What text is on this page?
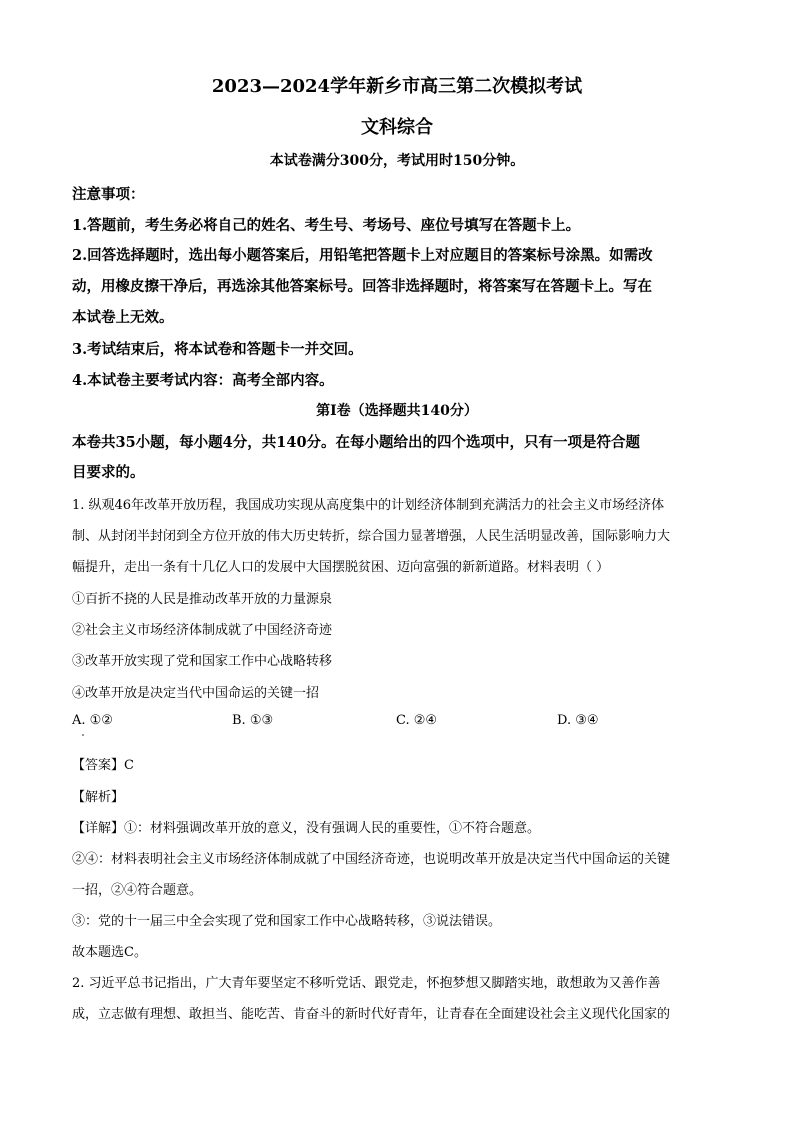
2023—2024学年新乡市高三第二次模拟考试
文科综合
本试卷满分300分，考试用时150分钟。
注意事项：
1.答题前，考生务必将自己的姓名、考生号、考场号、座位号填写在答题卡上。
2.回答选择题时，选出每小题答案后，用铅笔把答题卡上对应题目的答案标号涂黑。如需改
动，用橡皮擦干净后，再选涂其他答案标号。回答非选择题时，将答案写在答题卡上。写在
本试卷上无效。
3.考试结束后，将本试卷和答题卡一并交回。
4.本试卷主要考试内容：高考全部内容。
第Ⅰ卷（选择题共140分）
本卷共35小题，每小题4分，共140分。在每小题给出的四个选项中，只有一项是符合题
目要求的。
1. 纵观46年改革开放历程，我国成功实现从高度集中的计划经济体制到充满活力的社会主义市场经济体
制、从封闭半封闭到全方位开放的伟大历史转折，综合国力显著增强，人民生活明显改善，国际影响力大
幅提升，走出一条有十几亿人口的发展中大国摆脱贫困、迈向富强的新新道路。材料表明（ ）
①百折不挠的人民是推动改革开放的力量源泉
②社会主义市场经济体制成就了中国经济奇迹
③改革开放实现了党和国家工作中心战略转移
④改革开放是决定当代中国命运的关键一招
A. ①②	B. ①③	C. ②④	D. ③④
【答案】C
【解析】
【详解】①：材料强调改革开放的意义，没有强调人民的重要性，①不符合题意。
②④：材料表明社会主义市场经济体制成就了中国经济奇迹，也说明改革开放是决定当代中国命运的关键
一招，②④符合题意。
③：党的十一届三中全会实现了党和国家工作中心战略转移，③说法错误。
故本题选C。
2. 习近平总书记指出，广大青年要坚定不移听党话、跟党走，怀抱梦想又脚踏实地，敢想敢为又善作善
成，立志做有理想、敢担当、能吃苦、肯奋斗的新时代好青年，让青春在全面建设社会主义现代化国家的
